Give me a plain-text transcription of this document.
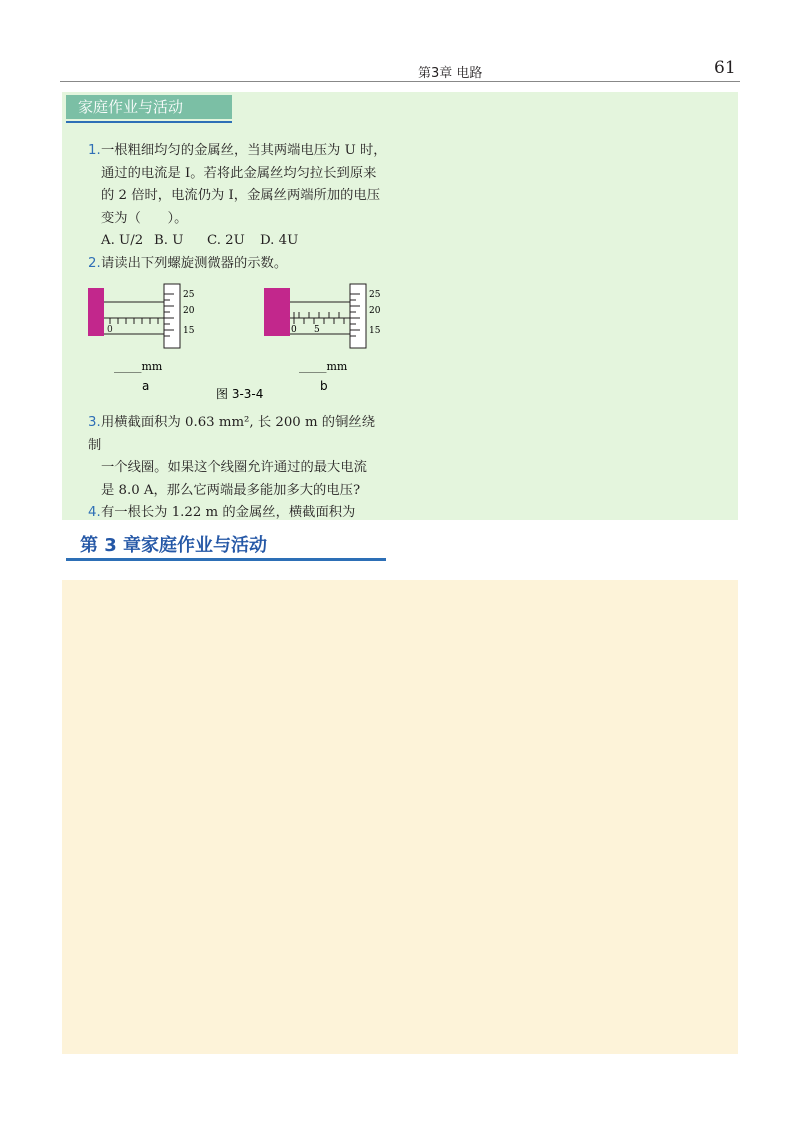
第3章 电路	61
家庭作业与活动
1.一根粗细均匀的金属丝，当其两端电压为 U 时，
通过的电流是 I。若将此金属丝均匀拉长到原来
的 2 倍时，电流仍为 I，金属丝两端所加的电压
变为（　　）。
A. U/2 B. U	C. 2U	D. 4U
2.请读出下列螺旋测微器的示数。
0
25
20
15	0 5
25
20
15
_____mm
a
_____mm
b
图 3-3-4
3.用横截面积为 0.63 mm², 长 200 m 的铜丝绕制
一个线圈。如果这个线圈允许通过的最大电流
是 8.0 A，那么它两端最多能加多大的电压?
4.有一根长为 1.22 m 的金属丝，横截面积为
第 3 章家庭作业与活动
